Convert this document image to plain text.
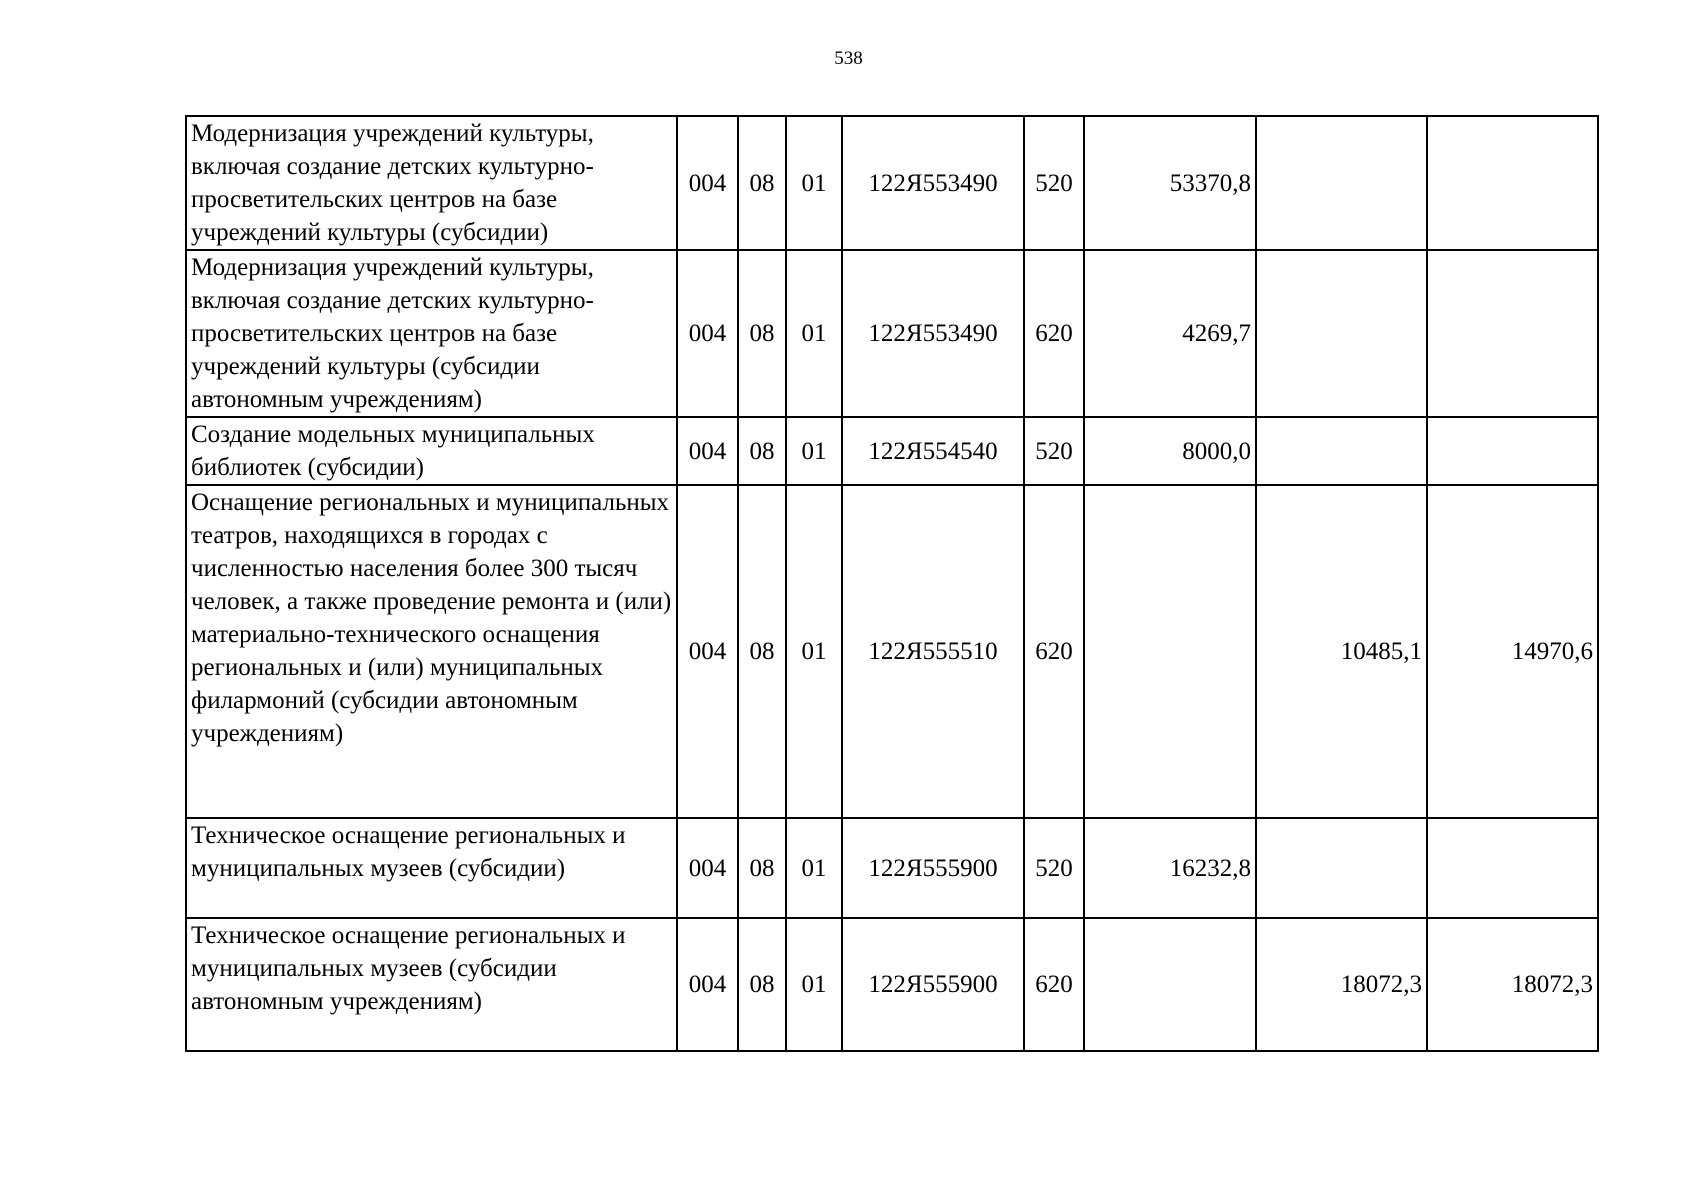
538
Модернизация учреждений культуры, включая создание детских культурно-просветительских центров на базе учреждений культуры (субсидии)	004	08	01	122Я553490	520	53370,8		
Модернизация учреждений культуры, включая создание детских культурно-просветительских центров на базе учреждений культуры (субсидии автономным учреждениям)	004	08	01	122Я553490	620	4269,7		
Создание модельных муниципальных библиотек (субсидии)	004	08	01	122Я554540	520	8000,0		
Оснащение региональных и муниципальных театров, находящихся в городах с численностью населения более 300 тысяч человек, а также проведение ремонта и (или) материально-технического оснащения региональных и (или) муниципальных филармоний (субсидии автономным учреждениям)	004	08	01	122Я555510	620		10485,1	14970,6
Техническое оснащение региональных и муниципальных музеев (субсидии)	004	08	01	122Я555900	520	16232,8		
Техническое оснащение региональных и муниципальных музеев (субсидии автономным учреждениям)	004	08	01	122Я555900	620		18072,3	18072,3
